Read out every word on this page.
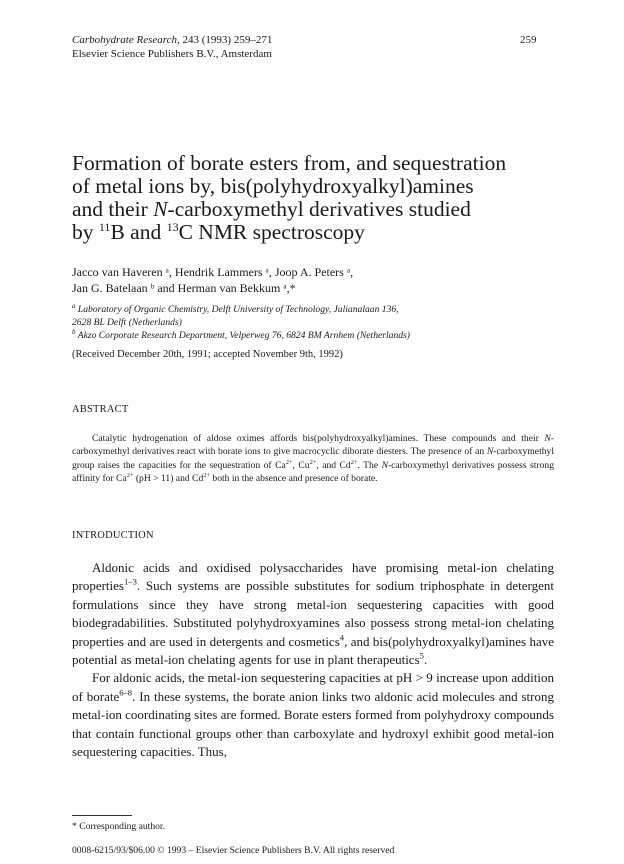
Carbohydrate Research, 243 (1993) 259–271
Elsevier Science Publishers B.V., Amsterdam
259
Formation of borate esters from, and sequestration
of metal ions by, bis(polyhydroxyalkyl)amines
and their N-carboxymethyl derivatives studied
by $^{11}$B and $^{13}$C NMR spectroscopy
Jacco van Haveren ᵃ, Hendrik Lammers ᵃ, Joop A. Peters ᵃ,
Jan G. Batelaan ᵇ and Herman van Bekkum ᵃ,*
$^a$ Laboratory of Organic Chemistry, Delft University of Technology, Julianalaan 136,
2628 BL Delft (Netherlands)
$^b$ Akzo Corporate Research Department, Velperweg 76, 6824 BM Arnhem (Netherlands)
(Received December 20th, 1991; accepted November 9th, 1992)
ABSTRACT
Catalytic hydrogenation of aldose oximes affords bis(polyhydroxyalkyl)amines. These compounds and their N-carboxymethyl derivatives react with borate ions to give macrocyclic diborate diesters. The presence of an N-carboxymethyl group raises the capacities for the sequestration of $Ca^{2+}$, $Cu^{2+}$, and $Cd^{2+}$. The N-carboxymethyl derivatives possess strong affinity for $Ca^{2+}$ (pH > 11) and $Cd^{2+}$ both in the absence and presence of borate.
INTRODUCTION

Aldonic acids and oxidised polysaccharides have promising metal-ion chelating properties$^{1-3}$. Such systems are possible substitutes for sodium triphosphate in detergent formulations since they have strong metal-ion sequestering capacities with good biodegradabilities. Substituted polyhydroxyamines also possess strong metal-ion chelating properties and are used in detergents and cosmetics$^4$, and bis(polyhydroxyalkyl)amines have potential as metal-ion chelating agents for use in plant therapeutics$^5$.

For aldonic acids, the metal-ion sequestering capacities at pH > 9 increase upon addition of borate$^{6-8}$. In these systems, the borate anion links two aldonic acid molecules and strong metal-ion coordinating sites are formed. Borate esters formed from polyhydroxy compounds that contain functional groups other than carboxylate and hydroxyl exhibit good metal-ion sequestering capacities. Thus,

* Corresponding author.
0008-6215/93/$06.00 © 1993 – Elsevier Science Publishers B.V. All rights reserved
